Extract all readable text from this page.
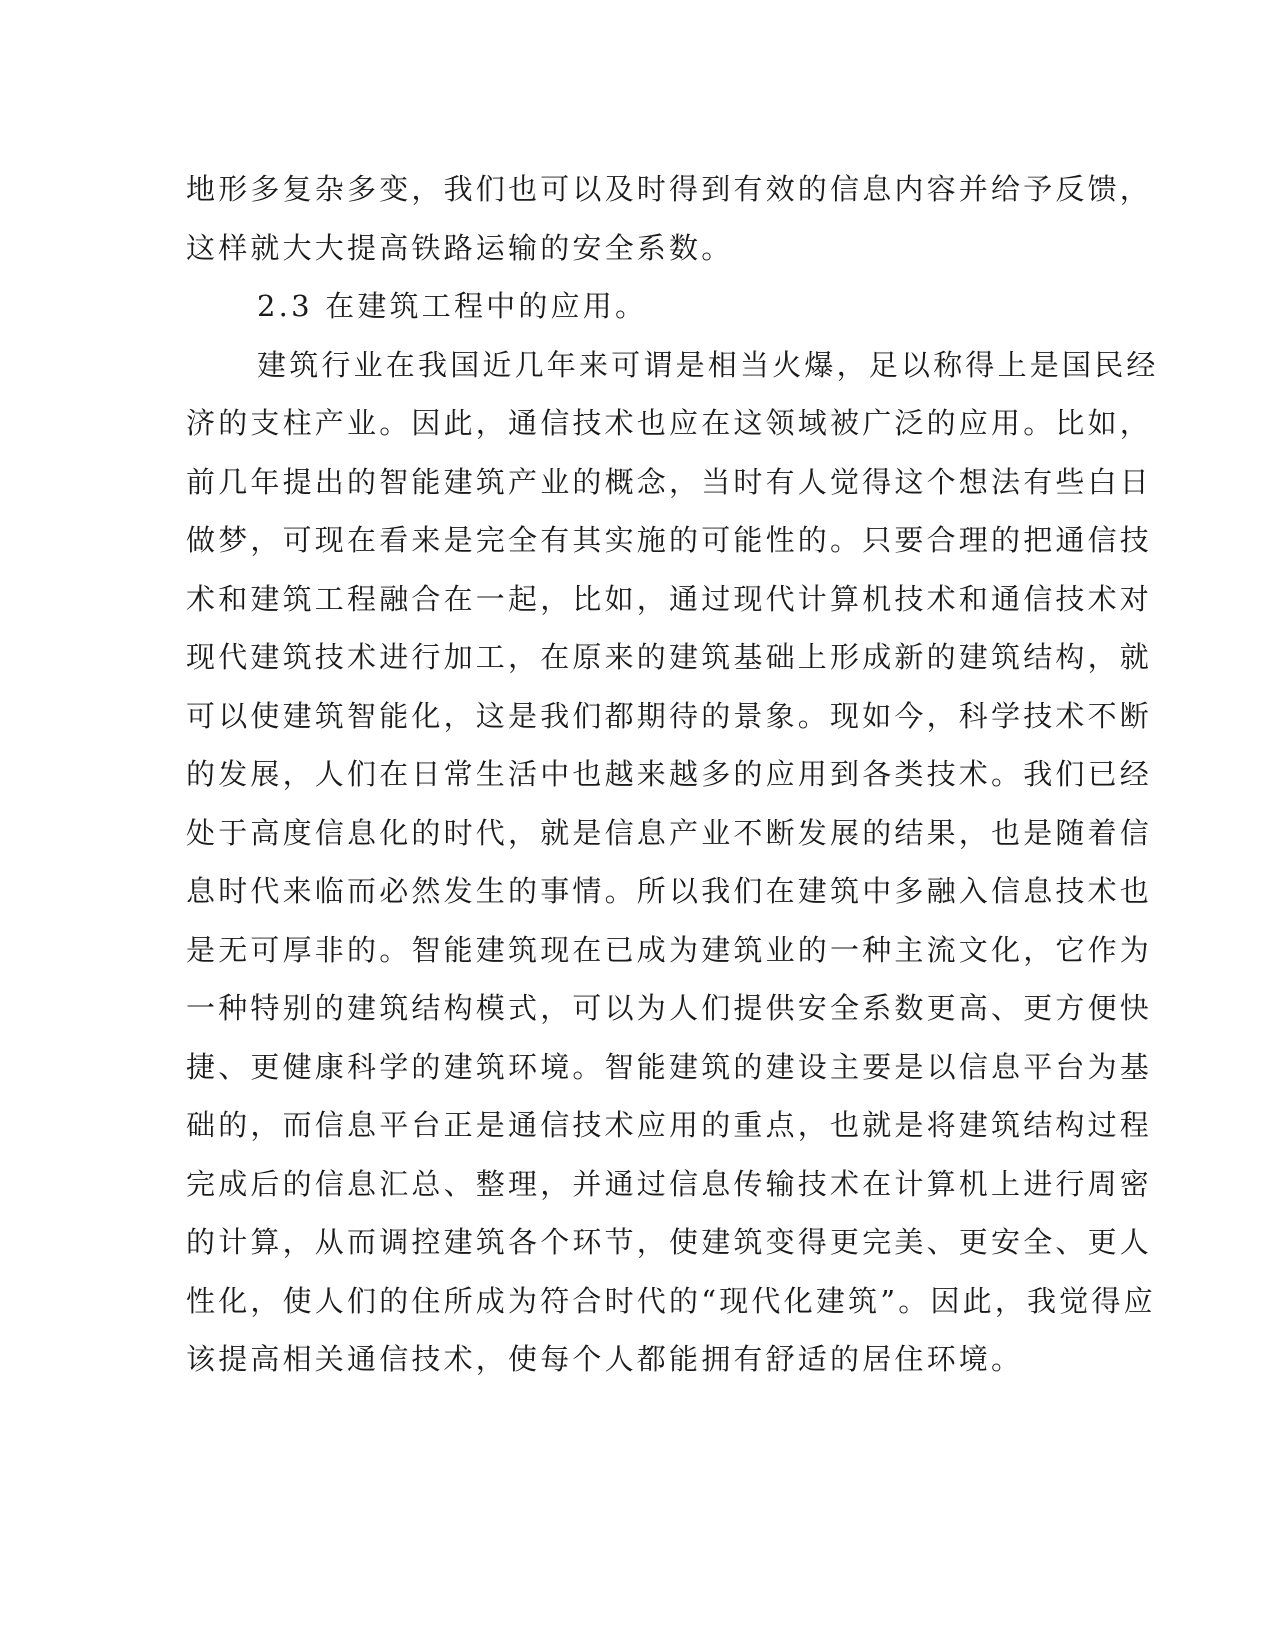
地形多复杂多变，我们也可以及时得到有效的信息内容并给予反馈，
这样就大大提高铁路运输的安全系数。
2.3 在建筑工程中的应用。
建筑行业在我国近几年来可谓是相当火爆，足以称得上是国民经
济的支柱产业。因此，通信技术也应在这领域被广泛的应用。比如，
前几年提出的智能建筑产业的概念，当时有人觉得这个想法有些白日
做梦，可现在看来是完全有其实施的可能性的。只要合理的把通信技
术和建筑工程融合在一起，比如，通过现代计算机技术和通信技术对
现代建筑技术进行加工，在原来的建筑基础上形成新的建筑结构，就
可以使建筑智能化，这是我们都期待的景象。现如今，科学技术不断
的发展，人们在日常生活中也越来越多的应用到各类技术。我们已经
处于高度信息化的时代，就是信息产业不断发展的结果，也是随着信
息时代来临而必然发生的事情。所以我们在建筑中多融入信息技术也
是无可厚非的。智能建筑现在已成为建筑业的一种主流文化，它作为
一种特别的建筑结构模式，可以为人们提供安全系数更高、更方便快
捷、更健康科学的建筑环境。智能建筑的建设主要是以信息平台为基
础的，而信息平台正是通信技术应用的重点，也就是将建筑结构过程
完成后的信息汇总、整理，并通过信息传输技术在计算机上进行周密
的计算，从而调控建筑各个环节，使建筑变得更完美、更安全、更人
性化，使人们的住所成为符合时代的“现代化建筑”。因此，我觉得应
该提高相关通信技术，使每个人都能拥有舒适的居住环境。
